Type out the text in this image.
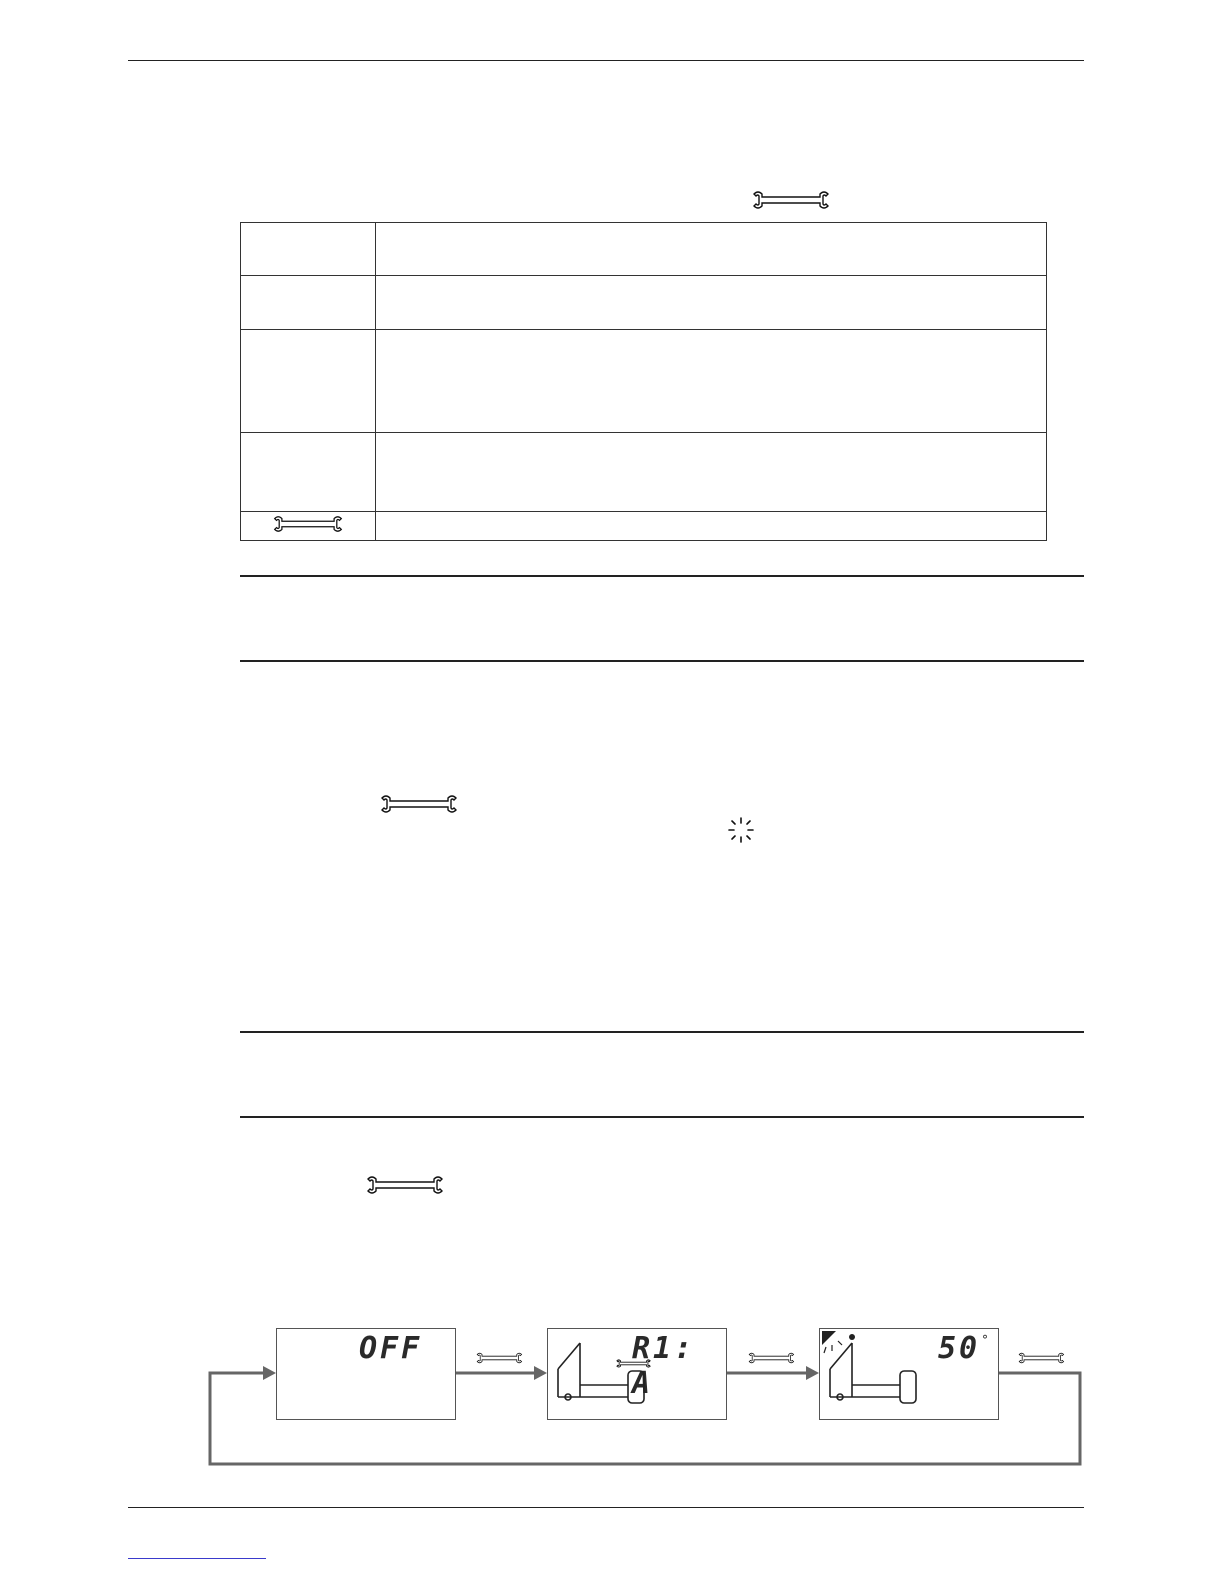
OFF	R1: A
50 °
